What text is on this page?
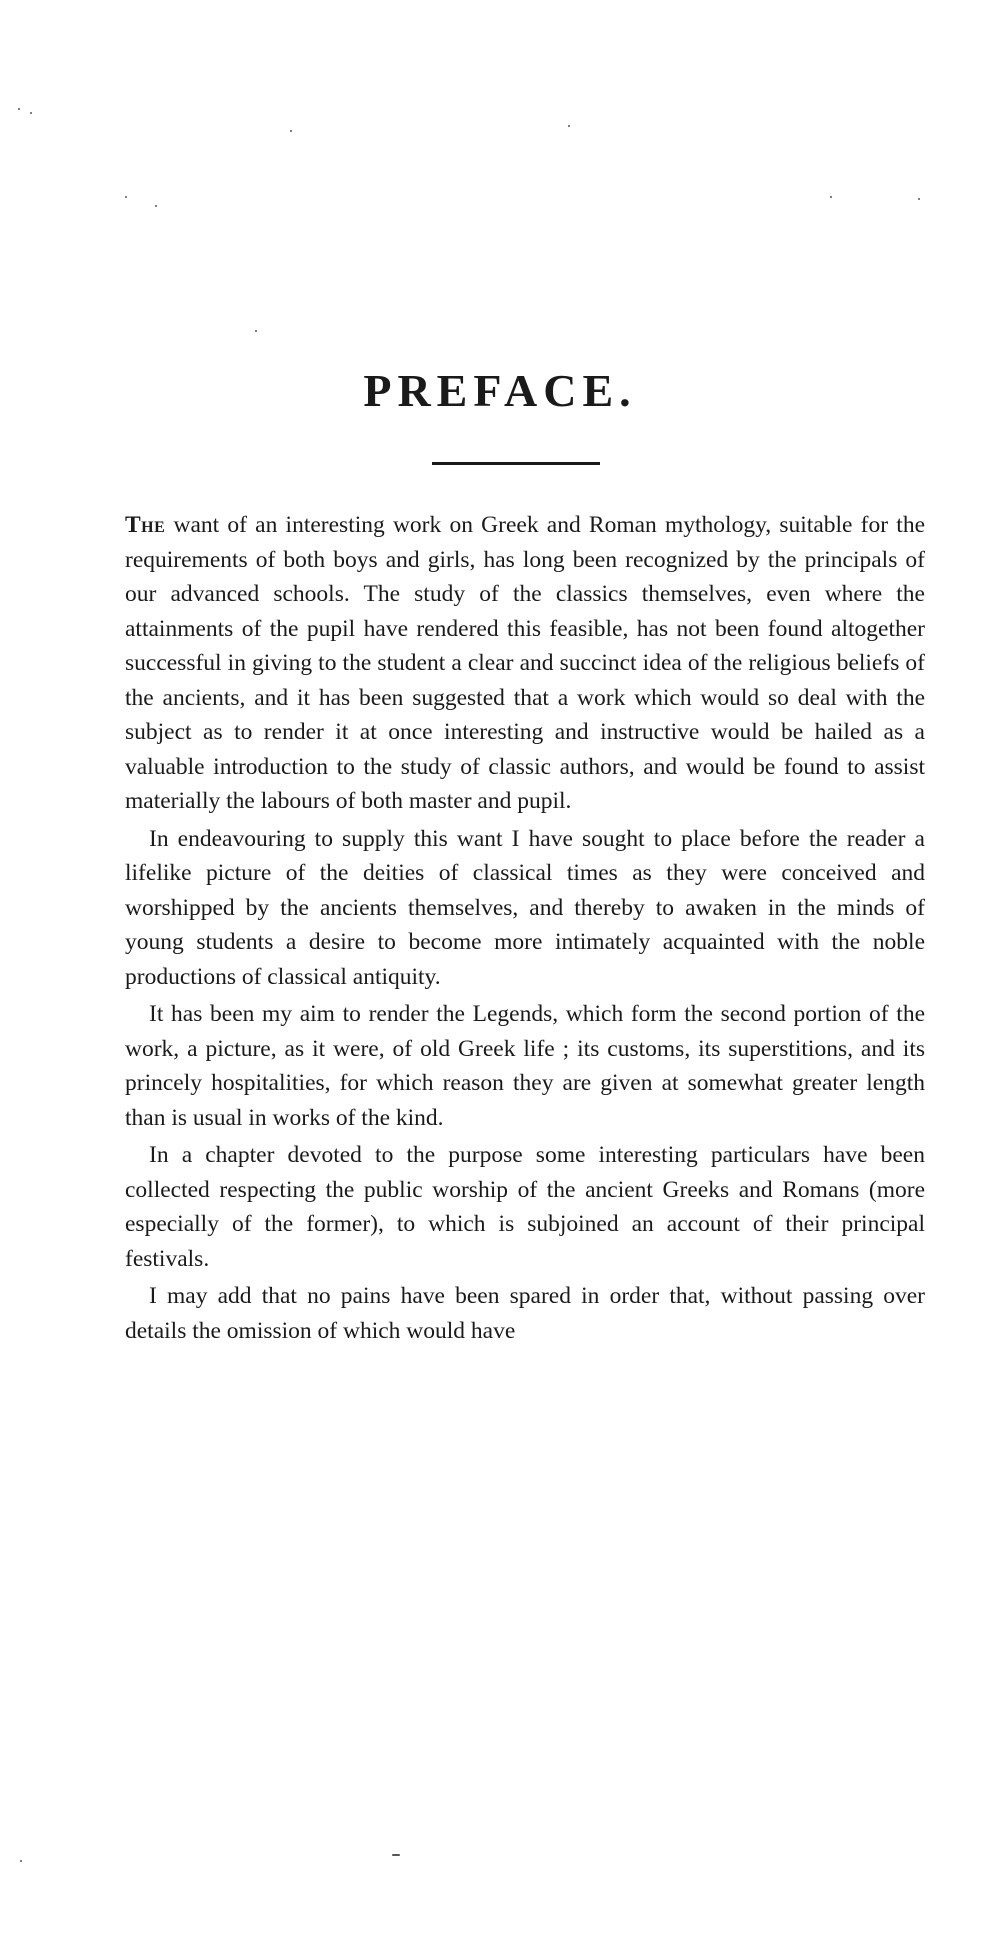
PREFACE.

The want of an interesting work on Greek and Roman mythology, suitable for the requirements of both boys and girls, has long been recognized by the principals of our advanced schools. The study of the classics themselves, even where the attainments of the pupil have rendered this feasible, has not been found altogether successful in giving to the student a clear and succinct idea of the religious beliefs of the ancients, and it has been suggested that a work which would so deal with the subject as to render it at once interesting and instructive would be hailed as a valuable introduction to the study of classic authors, and would be found to assist materially the labours of both master and pupil.

In endeavouring to supply this want I have sought to place before the reader a lifelike picture of the deities of classical times as they were conceived and worshipped by the ancients themselves, and thereby to awaken in the minds of young students a desire to become more intimately acquainted with the noble productions of classical antiquity.

It has been my aim to render the Legends, which form the second portion of the work, a picture, as it were, of old Greek life ; its customs, its superstitions, and its princely hospitalities, for which reason they are given at somewhat greater length than is usual in works of the kind.

In a chapter devoted to the purpose some interesting particulars have been collected respecting the public worship of the ancient Greeks and Romans (more especially of the former), to which is subjoined an account of their principal festivals.

I may add that no pains have been spared in order that, without passing over details the omission of which would have
